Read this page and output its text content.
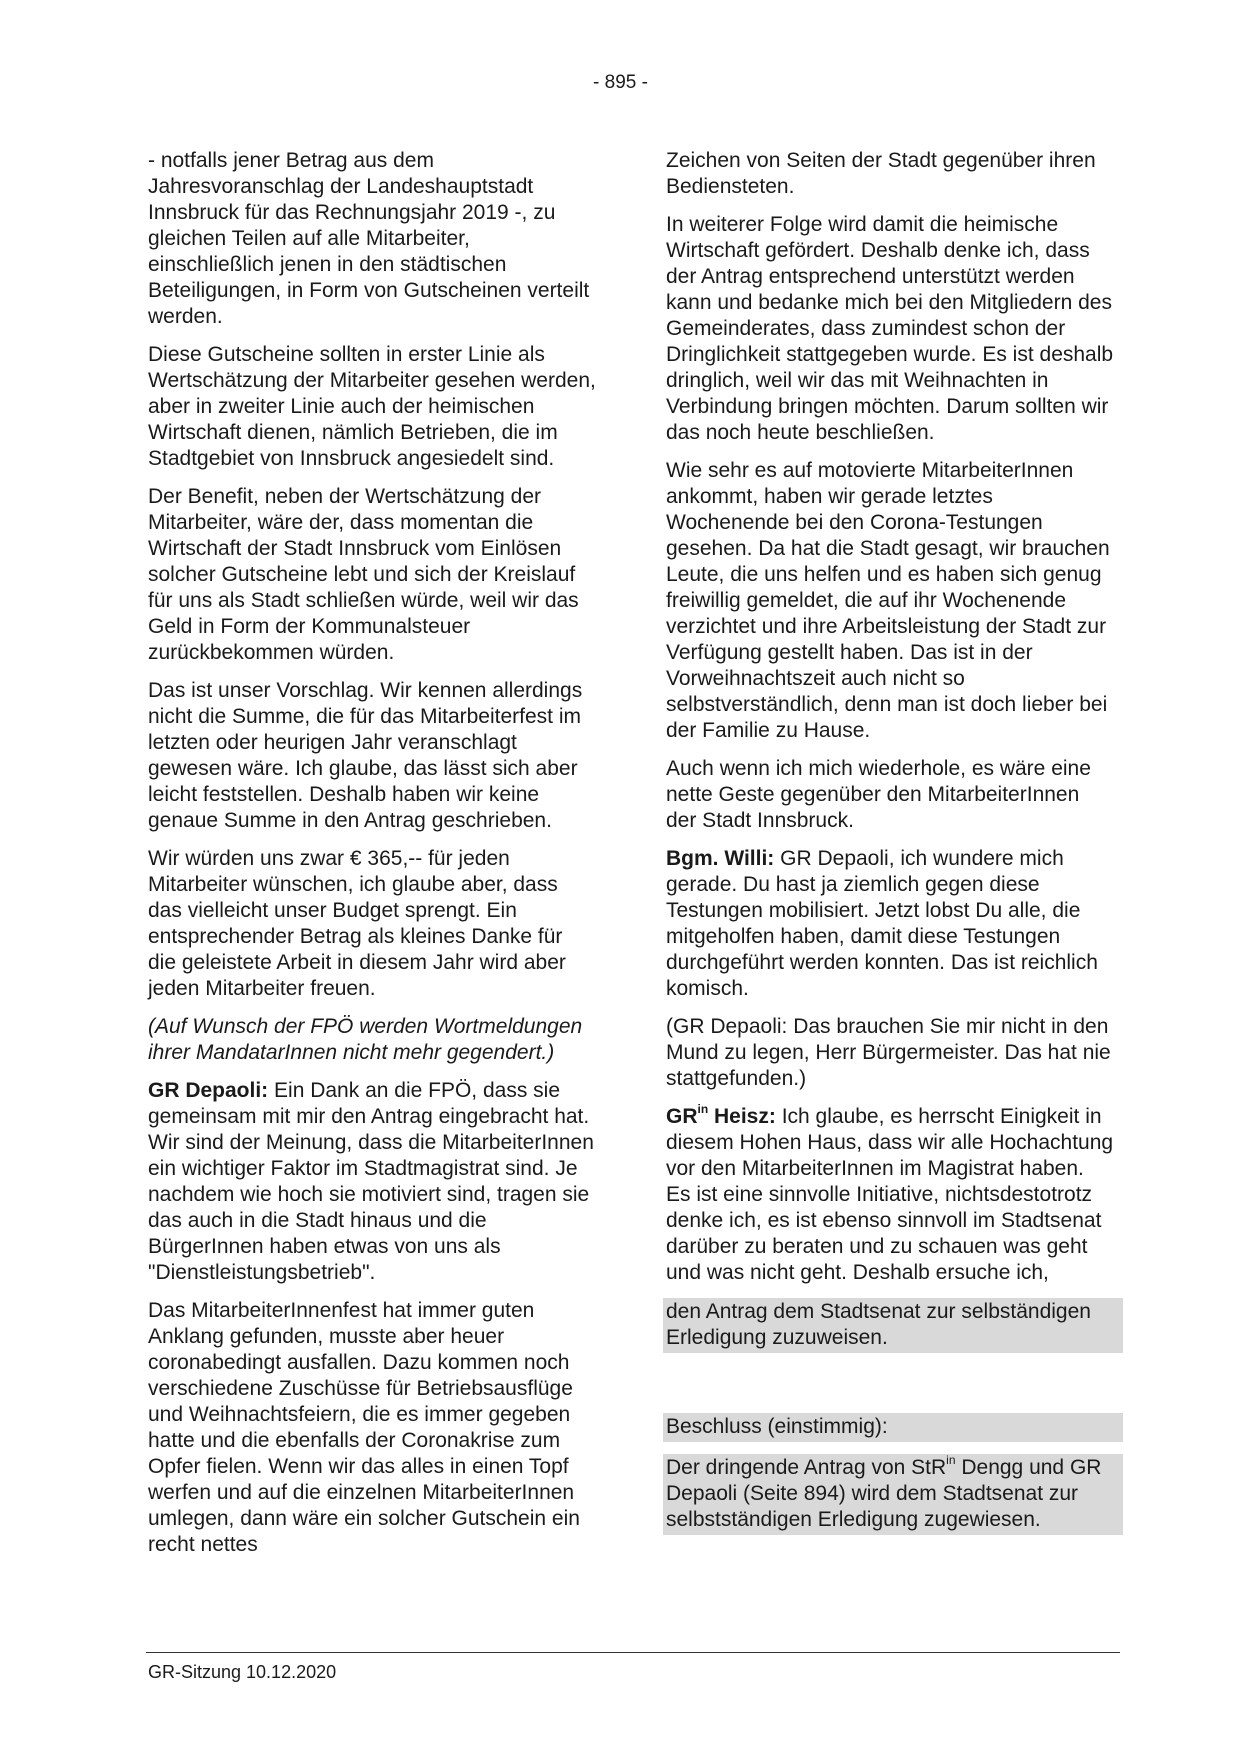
- 895 -

- notfalls jener Betrag aus dem Jahresvoranschlag der Landeshauptstadt Innsbruck für das Rechnungsjahr 2019 -, zu gleichen Teilen auf alle Mitarbeiter, einschließlich jenen in den städtischen Beteiligungen, in Form von Gutscheinen verteilt werden.

Diese Gutscheine sollten in erster Linie als Wertschätzung der Mitarbeiter gesehen werden, aber in zweiter Linie auch der heimischen Wirtschaft dienen, nämlich Betrieben, die im Stadtgebiet von Innsbruck angesiedelt sind.

Der Benefit, neben der Wertschätzung der Mitarbeiter, wäre der, dass momentan die Wirtschaft der Stadt Innsbruck vom Einlösen solcher Gutscheine lebt und sich der Kreislauf für uns als Stadt schließen würde, weil wir das Geld in Form der Kommunalsteuer zurückbekommen würden.

Das ist unser Vorschlag. Wir kennen allerdings nicht die Summe, die für das Mitarbeiterfest im letzten oder heurigen Jahr veranschlagt gewesen wäre. Ich glaube, das lässt sich aber leicht feststellen. Deshalb haben wir keine genaue Summe in den Antrag geschrieben.

Wir würden uns zwar € 365,-- für jeden Mitarbeiter wünschen, ich glaube aber, dass das vielleicht unser Budget sprengt. Ein entsprechender Betrag als kleines Danke für die geleistete Arbeit in diesem Jahr wird aber jeden Mitarbeiter freuen.

(Auf Wunsch der FPÖ werden Wortmeldungen ihrer MandatarInnen nicht mehr gegendert.)

GR Depaoli: Ein Dank an die FPÖ, dass sie gemeinsam mit mir den Antrag eingebracht hat. Wir sind der Meinung, dass die MitarbeiterInnen ein wichtiger Faktor im Stadtmagistrat sind. Je nachdem wie hoch sie motiviert sind, tragen sie das auch in die Stadt hinaus und die BürgerInnen haben etwas von uns als "Dienstleistungsbetrieb".

Das MitarbeiterInnenfest hat immer guten Anklang gefunden, musste aber heuer coronabedingt ausfallen. Dazu kommen noch verschiedene Zuschüsse für Betriebsausflüge und Weihnachtsfeiern, die es immer gegeben hatte und die ebenfalls der Coronakrise zum Opfer fielen. Wenn wir das alles in einen Topf werfen und auf die einzelnen MitarbeiterInnen umlegen, dann wäre ein solcher Gutschein ein recht nettes

Zeichen von Seiten der Stadt gegenüber ihren Bediensteten.

In weiterer Folge wird damit die heimische Wirtschaft gefördert. Deshalb denke ich, dass der Antrag entsprechend unterstützt werden kann und bedanke mich bei den Mitgliedern des Gemeinderates, dass zumindest schon der Dringlichkeit stattgegeben wurde. Es ist deshalb dringlich, weil wir das mit Weihnachten in Verbindung bringen möchten. Darum sollten wir das noch heute beschließen.

Wie sehr es auf motovierte MitarbeiterInnen ankommt, haben wir gerade letztes Wochenende bei den Corona-Testungen gesehen. Da hat die Stadt gesagt, wir brauchen Leute, die uns helfen und es haben sich genug freiwillig gemeldet, die auf ihr Wochenende verzichtet und ihre Arbeitsleistung der Stadt zur Verfügung gestellt haben. Das ist in der Vorweihnachtszeit auch nicht so selbstverständlich, denn man ist doch lieber bei der Familie zu Hause.

Auch wenn ich mich wiederhole, es wäre eine nette Geste gegenüber den MitarbeiterInnen der Stadt Innsbruck.

Bgm. Willi: GR Depaoli, ich wundere mich gerade. Du hast ja ziemlich gegen diese Testungen mobilisiert. Jetzt lobst Du alle, die mitgeholfen haben, damit diese Testungen durchgeführt werden konnten. Das ist reichlich komisch.

(GR Depaoli: Das brauchen Sie mir nicht in den Mund zu legen, Herr Bürgermeister. Das hat nie stattgefunden.)

$GR^{in}$ Heisz: Ich glaube, es herrscht Einigkeit in diesem Hohen Haus, dass wir alle Hochachtung vor den MitarbeiterInnen im Magistrat haben. Es ist eine sinnvolle Initiative, nichtsdestotrotz denke ich, es ist ebenso sinnvoll im Stadtsenat darüber zu beraten und zu schauen was geht und was nicht geht. Deshalb ersuche ich,

den Antrag dem Stadtsenat zur selbständigen Erledigung zuzuweisen.

Beschluss (einstimmig):

Der dringende Antrag von StR$^{in}$ Dengg und GR Depaoli (Seite 894) wird dem Stadtsenat zur selbstständigen Erledigung zugewiesen.

GR-Sitzung 10.12.2020
